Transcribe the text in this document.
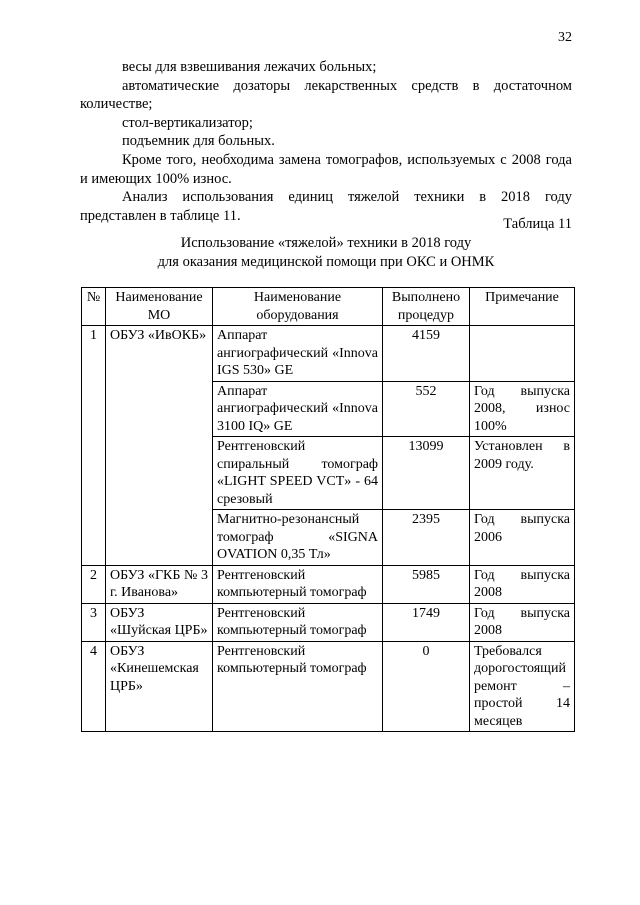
32

весы для взвешивания лежачих больных;

автоматические дозаторы лекарственных средств в достаточном количестве;

стол-вертикализатор;

подъемник для больных.

Кроме того, необходима замена томографов, используемых с 2008 года и имеющих 100% износ.

Анализ использования единиц тяжелой техники в 2018 году представлен в таблице 11.

Таблица 11
Использование «тяжелой» техники в 2018 году
для оказания медицинской помощи при ОКС и ОНМК
№	Наименование МО	Наименование оборудования	Выполнено процедур	Примечание
1	ОБУЗ «ИвОКБ»	Аппарат ангиографический «Innova IGS 530» GE	4159	
		Аппарат ангиографический «Innova 3100 IQ» GE	552	Год выпуска 2008, износ 100%
		Рентгеновский спиральный томограф «LIGHT SPEED VCT» - 64 срезовый	13099	Установлен в 2009 году.
		Магнитно-резонансный томограф «SIGNA OVATION 0,35 Тл»	2395	Год выпуска 2006
2	ОБУЗ «ГКБ № 3 г. Иванова»	Рентгеновский компьютерный томограф	5985	Год выпуска 2008
3	ОБУЗ «Шуйская ЦРБ»	Рентгеновский компьютерный томограф	1749	Год выпуска 2008
4	ОБУЗ «Кинешемская ЦРБ»	Рентгеновский компьютерный томограф	0	Требовался дорогостоящий ремонт – простой 14 месяцев
